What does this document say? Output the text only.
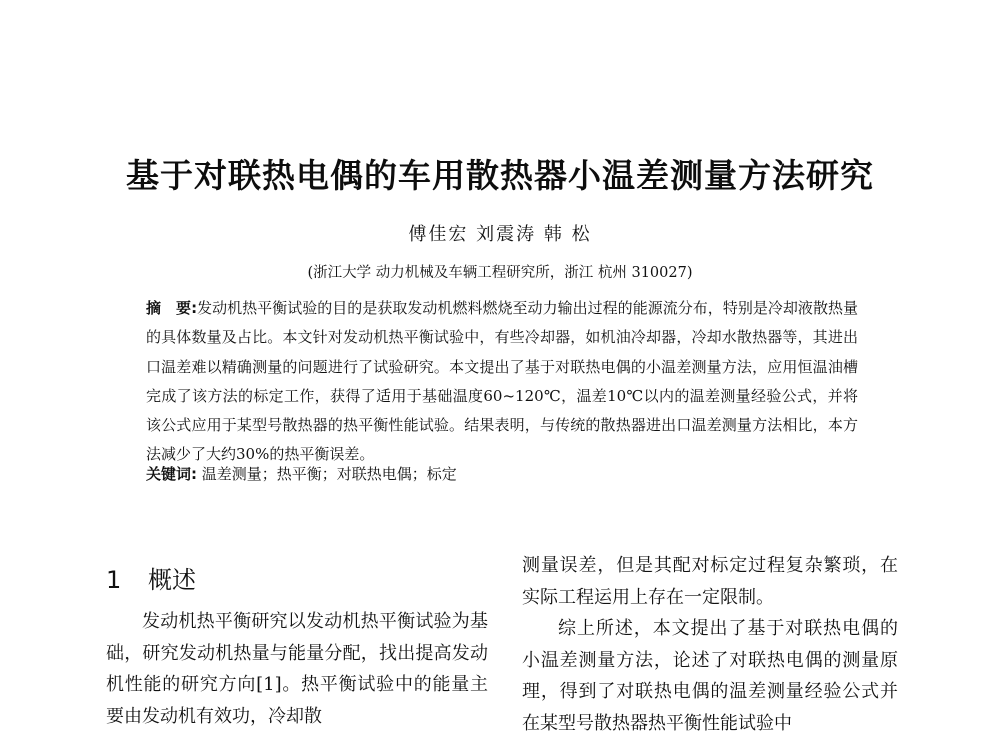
基于对联热电偶的车用散热器小温差测量方法研究
傅佳宏 刘震涛 韩 松
(浙江大学 动力机械及车辆工程研究所，浙江 杭州 310027)
摘　要:发动机热平衡试验的目的是获取发动机燃料燃烧至动力输出过程的能源流分布，特别是冷却液散热量的具体数量及占比。本文针对发动机热平衡试验中，有些冷却器，如机油冷却器，冷却水散热器等，其进出口温差难以精确测量的问题进行了试验研究。本文提出了基于对联热电偶的小温差测量方法，应用恒温油槽完成了该方法的标定工作，获得了适用于基础温度60~120℃，温差10℃以内的温差测量经验公式，并将该公式应用于某型号散热器的热平衡性能试验。结果表明，与传统的散热器进出口温差测量方法相比，本方法减少了大约30%的热平衡误差。
关键词: 温差测量；热平衡；对联热电偶；标定
1 概述

发动机热平衡研究以发动机热平衡试验为基础，研究发动机热量与能量分配，找出提高发动机性能的研究方向[1]。热平衡试验中的能量主要由发动机有效功，冷却散

测量误差，但是其配对标定过程复杂繁琐，在实际工程运用上存在一定限制。

综上所述，本文提出了基于对联热电偶的小温差测量方法，论述了对联热电偶的测量原理，得到了对联热电偶的温差测量经验公式并在某型号散热器热平衡性能试验中
